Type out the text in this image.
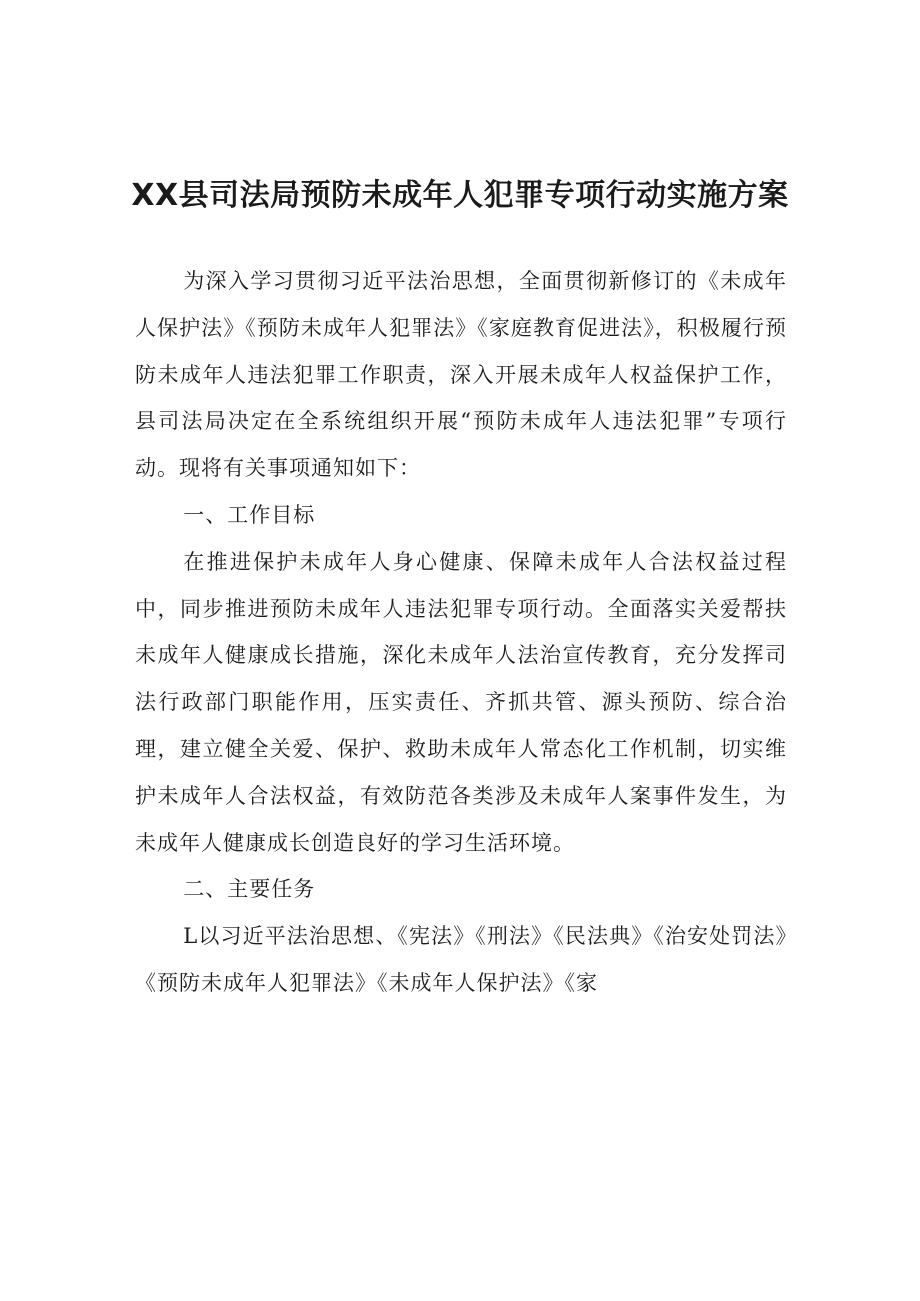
XX县司法局预防未成年人犯罪专项行动实施方案

为深入学习贯彻习近平法治思想，全面贯彻新修订的《未成年人保护法》《预防未成年人犯罪法》《家庭教育促进法》，积极履行预防未成年人违法犯罪工作职责，深入开展未成年人权益保护工作，县司法局决定在全系统组织开展“预防未成年人违法犯罪”专项行动。现将有关事项通知如下：

一、工作目标

在推进保护未成年人身心健康、保障未成年人合法权益过程中，同步推进预防未成年人违法犯罪专项行动。全面落实关爱帮扶未成年人健康成长措施，深化未成年人法治宣传教育，充分发挥司法行政部门职能作用，压实责任、齐抓共管、源头预防、综合治理，建立健全关爱、保护、救助未成年人常态化工作机制，切实维护未成年人合法权益，有效防范各类涉及未成年人案事件发生，为未成年人健康成长创造良好的学习生活环境。

二、主要任务

L以习近平法治思想、《宪法》《刑法》《民法典》《治安处罚法》《预防未成年人犯罪法》《未成年人保护法》《家
